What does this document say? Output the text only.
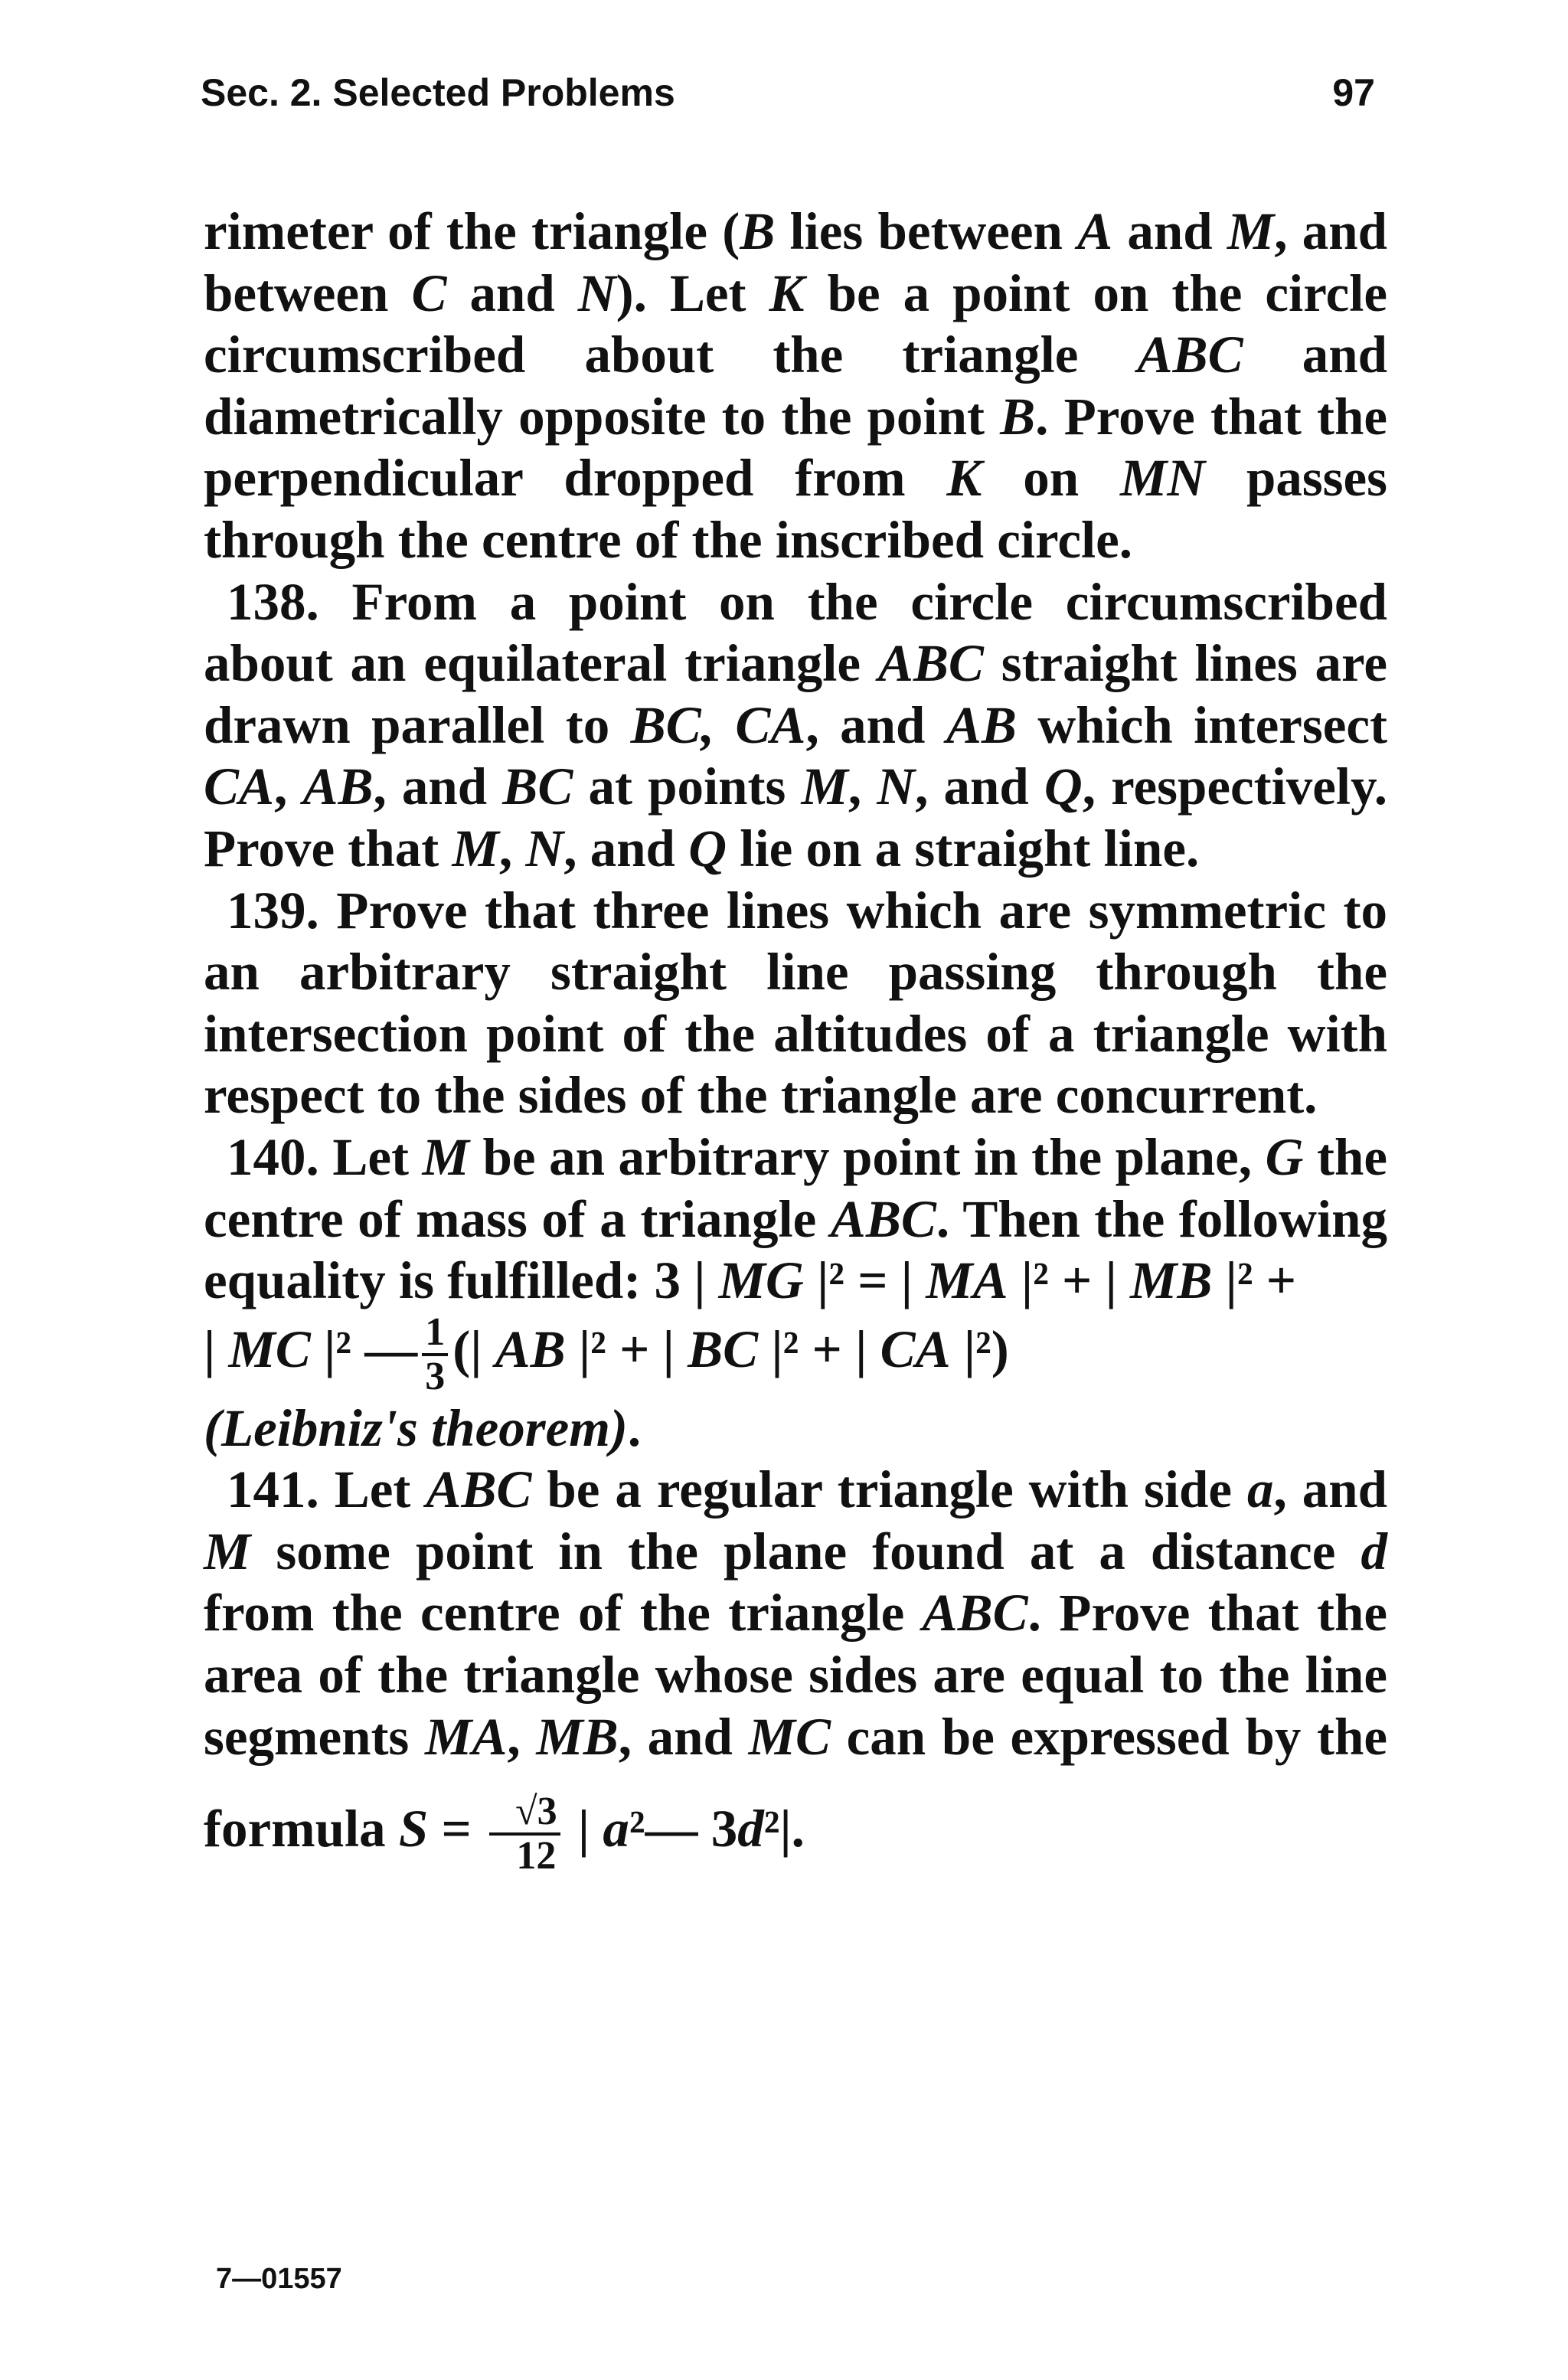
Sec. 2. Selected Problems	97

rimeter of the triangle (B lies between A and M, and between C and N). Let K be a point on the circle circumscribed about the triangle ABC and diametrically opposite to the point B. Prove that the perpendicular dropped from K on MN passes through the centre of the inscribed circle.

138. From a point on the circle circumscribed about an equilateral triangle ABC straight lines are drawn parallel to BC, CA, and AB which intersect CA, AB, and BC at points M, N, and Q, respectively. Prove that M, N, and Q lie on a straight line.

139. Prove that three lines which are symmetric to an arbitrary straight line passing through the intersection point of the altitudes of a triangle with respect to the sides of the triangle are concurrent.

140. Let M be an arbitrary point in the plane, G the centre of mass of a triangle ABC. Then the following equality is fulfilled: 3 | MG |² = | MA |² + | MB |² +

| MC |² — $\frac{1}{3}$ (| AB |² + | BC |² + | CA |²)

(Leibniz's theorem).

141. Let ABC be a regular triangle with side a, and M some point in the plane found at a distance d from the centre of the triangle ABC. Prove that the area of the triangle whose sides are equal to the line segments MA, MB, and MC can be expressed by the formula $S = \frac{√3}{12}$ | a²— 3d²|.

7—01557
